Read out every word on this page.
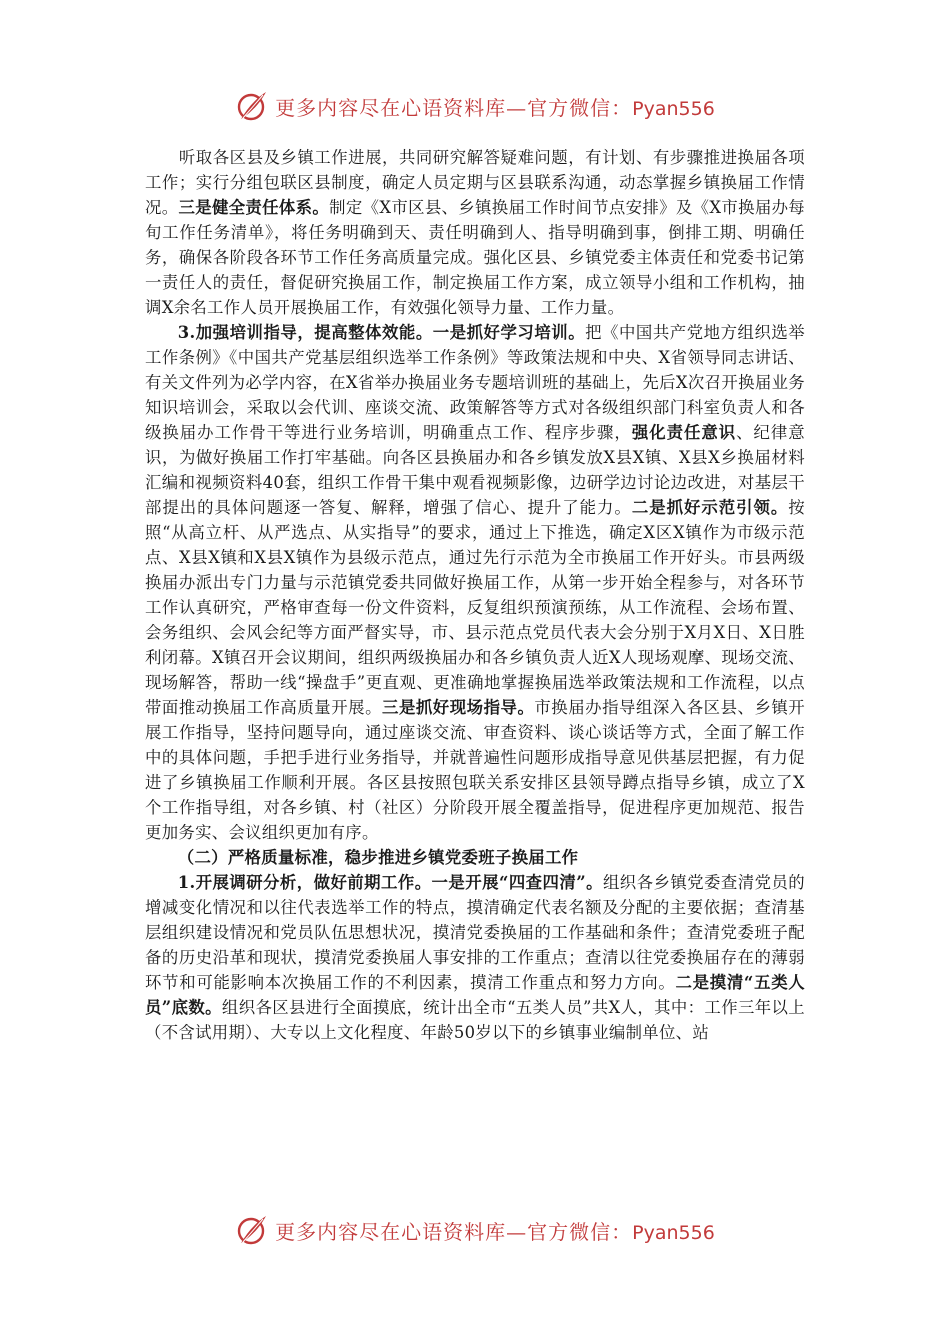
更多内容尽在心语资料库—官方微信：Pyan556

　　听取各区县及乡镇工作进展，共同研究解答疑难问题，有计划、有步骤推进换届各项工作；实行分组包联区县制度，确定人员定期与区县联系沟通，动态掌握乡镇换届工作情况。三是健全责任体系。制定《X市区县、乡镇换届工作时间节点安排》及《X市换届办每旬工作任务清单》，将任务明确到天、责任明确到人、指导明确到事，倒排工期、明确任务，确保各阶段各环节工作任务高质量完成。强化区县、乡镇党委主体责任和党委书记第一责任人的责任，督促研究换届工作，制定换届工作方案，成立领导小组和工作机构，抽调X余名工作人员开展换届工作，有效强化领导力量、工作力量。

3.加强培训指导，提高整体效能。一是抓好学习培训。把《中国共产党地方组织选举工作条例》《中国共产党基层组织选举工作条例》等政策法规和中央、X省领导同志讲话、有关文件列为必学内容，在X省举办换届业务专题培训班的基础上，先后X次召开换届业务知识培训会，采取以会代训、座谈交流、政策解答等方式对各级组织部门科室负责人和各级换届办工作骨干等进行业务培训，明确重点工作、程序步骤，强化责任意识、纪律意识，为做好换届工作打牢基础。向各区县换届办和各乡镇发放X县X镇、X县X乡换届材料汇编和视频资料40套，组织工作骨干集中观看视频影像，边研学边讨论边改进，对基层干部提出的具体问题逐一答复、解释，增强了信心、提升了能力。二是抓好示范引领。按照“从高立杆、从严选点、从实指导”的要求，通过上下推选，确定X区X镇作为市级示范点、X县X镇和X县X镇作为县级示范点，通过先行示范为全市换届工作开好头。市县两级换届办派出专门力量与示范镇党委共同做好换届工作，从第一步开始全程参与，对各环节工作认真研究，严格审查每一份文件资料，反复组织预演预练，从工作流程、会场布置、会务组织、会风会纪等方面严督实导，市、县示范点党员代表大会分别于X月X日、X日胜利闭幕。X镇召开会议期间，组织两级换届办和各乡镇负责人近X人现场观摩、现场交流、现场解答，帮助一线“操盘手”更直观、更准确地掌握换届选举政策法规和工作流程，以点带面推动换届工作高质量开展。三是抓好现场指导。市换届办指导组深入各区县、乡镇开展工作指导，坚持问题导向，通过座谈交流、审查资料、谈心谈话等方式，全面了解工作中的具体问题，手把手进行业务指导，并就普遍性问题形成指导意见供基层把握，有力促进了乡镇换届工作顺利开展。各区县按照包联关系安排区县领导蹲点指导乡镇，成立了X个工作指导组，对各乡镇、村（社区）分阶段开展全覆盖指导，促进程序更加规范、报告更加务实、会议组织更加有序。

（二）严格质量标准，稳步推进乡镇党委班子换届工作

1.开展调研分析，做好前期工作。一是开展“四查四清”。组织各乡镇党委查清党员的增减变化情况和以往代表选举工作的特点，摸清确定代表名额及分配的主要依据；查清基层组织建设情况和党员队伍思想状况，摸清党委换届的工作基础和条件；查清党委班子配备的历史沿革和现状，摸清党委换届人事安排的工作重点；查清以往党委换届存在的薄弱环节和可能影响本次换届工作的不利因素，摸清工作重点和努力方向。二是摸清“五类人员”底数。组织各区县进行全面摸底，统计出全市“五类人员”共X人，其中：工作三年以上（不含试用期）、大专以上文化程度、年龄50岁以下的乡镇事业编制单位、站

更多内容尽在心语资料库—官方微信：Pyan556
